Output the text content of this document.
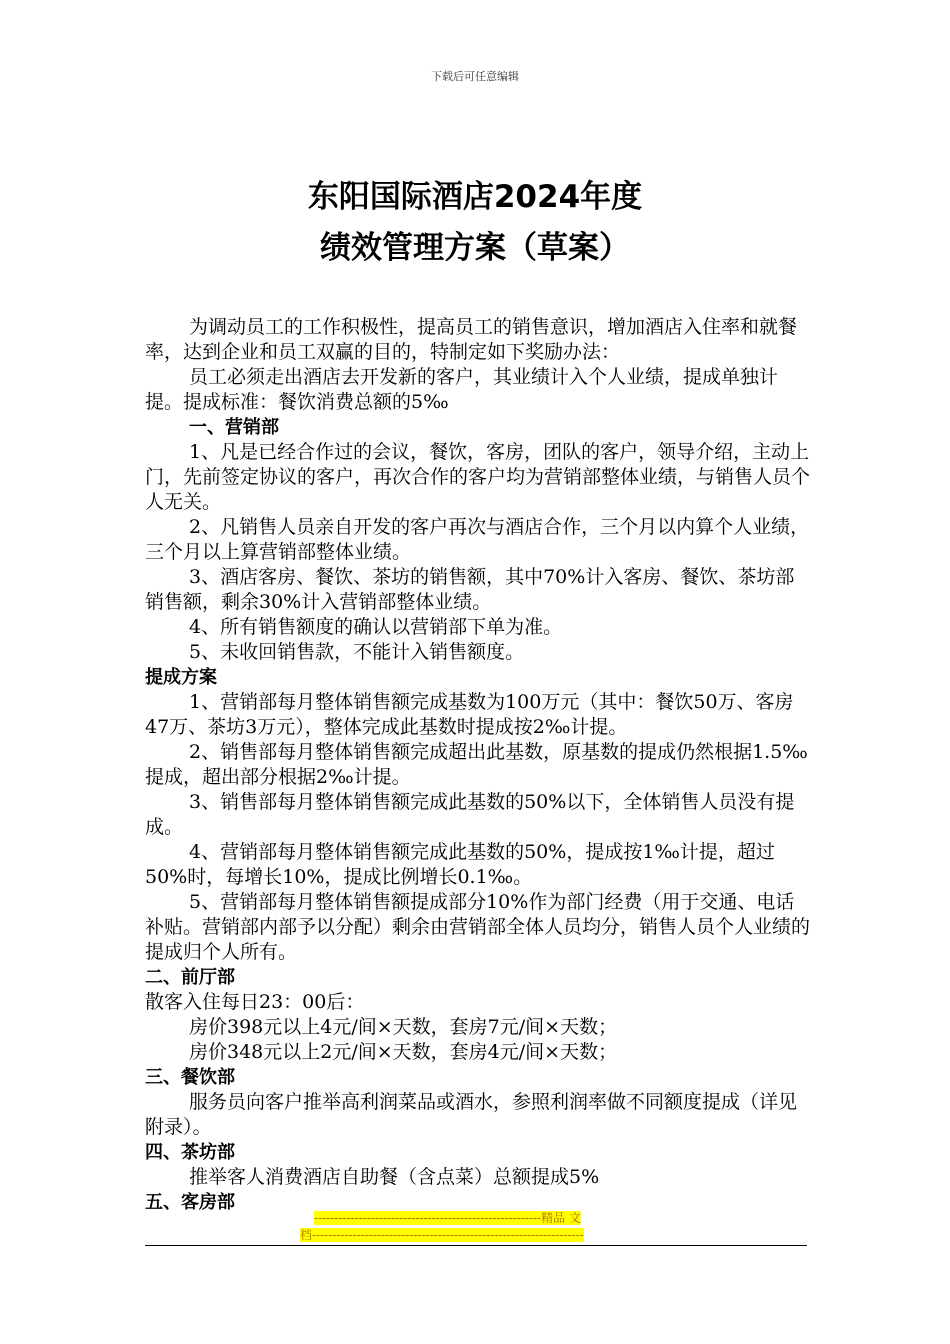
下载后可任意编辑
东阳国际酒店2024年度
绩效管理方案（草案）

为调动员工的工作积极性，提高员工的销售意识，增加酒店入住率和就餐率，达到企业和员工双赢的目的，特制定如下奖励办法：

员工必须走出酒店去开发新的客户，其业绩计入个人业绩，提成单独计提。提成标准：餐饮消费总额的5‰

一、营销部

1、凡是已经合作过的会议，餐饮，客房，团队的客户，领导介绍，主动上门，先前签定协议的客户，再次合作的客户均为营销部整体业绩，与销售人员个人无关。

2、凡销售人员亲自开发的客户再次与酒店合作，三个月以内算个人业绩，三个月以上算营销部整体业绩。

3、酒店客房、餐饮、茶坊的销售额，其中70%计入客房、餐饮、茶坊部销售额，剩余30%计入营销部整体业绩。

4、所有销售额度的确认以营销部下单为准。

5、未收回销售款，不能计入销售额度。

提成方案

1、营销部每月整体销售额完成基数为100万元（其中：餐饮50万、客房47万、茶坊3万元），整体完成此基数时提成按2‰计提。

2、销售部每月整体销售额完成超出此基数，原基数的提成仍然根据1.5‰提成，超出部分根据2‰计提。

3、销售部每月整体销售额完成此基数的50%以下，全体销售人员没有提成。

4、营销部每月整体销售额完成此基数的50%，提成按1‰计提，超过50%时，每增长10%，提成比例增长0.1‰。

5、营销部每月整体销售额提成部分10%作为部门经费（用于交通、电话补贴。营销部内部予以分配）剩余由营销部全体人员均分，销售人员个人业绩的提成归个人所有。

二、前厅部

散客入住每日23：00后：

房价398元以上4元/间×天数，套房7元/间×天数；

房价348元以上2元/间×天数，套房4元/间×天数；

三、餐饮部

服务员向客户推举高利润菜品或酒水，参照利润率做不同额度提成（详见附录）。

四、茶坊部

推举客人消费酒店自助餐（含点菜）总额提成5%

五、客房部

--------------------------------------------------------精品 文
档-------------------------------------------------------------------
